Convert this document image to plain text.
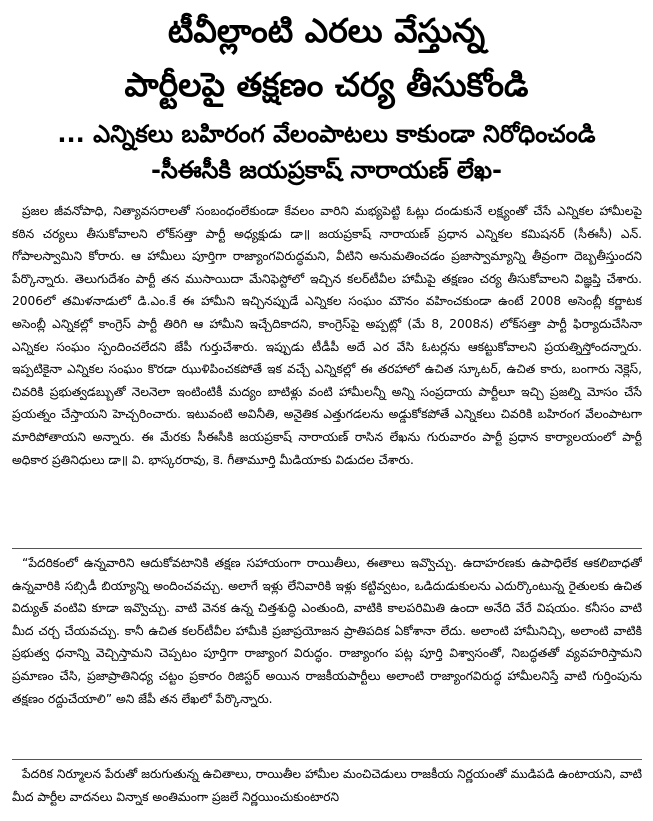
టీవీల్లాంటి ఎరలు వేస్తున్న
పార్టీలపై తక్షణం చర్య తీసుకోండి
... ఎన్నికలు బహిరంగ వేలంపాటలు కాకుండా నిరోధించండి
-సీఈసీకి జయప్రకాష్ నారాయణ్ లేఖ-

ప్రజల జీవనోపాధి, నిత్యావసరాలతో సంబంధంలేకుండా కేవలం వారిని మభ్యపెట్టి ఓట్లు దండుకునే లక్ష్యంతో చేసే ఎన్నికల హామీలపై కఠిన చర్యలు తీసుకోవాలని లోక్‌సత్తా పార్టీ అధ్యక్షుడు డా॥ జయప్రకాష్ నారాయణ్ ప్రధాన ఎన్నికల కమిషనర్ (సీఈసీ) ఎన్. గోపాలస్వామిని కోరారు. ఆ హామీలు పూర్తిగా రాజ్యాంగవిరుద్ధమని, వీటిని అనుమతించడం ప్రజాస్వామ్యాన్ని తీవ్రంగా దెబ్బతీస్తుందని పేర్కొన్నారు. తెలుగుదేశం పార్టీ తన ముసాయిదా మేనిఫెస్టోలో ఇచ్చిన కలర్‌టీవీల హామీపై తక్షణం చర్య తీసుకోవాలని విజ్ఞప్తి చేశారు. 2006లో తమిళనాడులో డి.ఎం.కే ఈ హామీని ఇచ్చినప్పుడే ఎన్నికల సంఘం మౌనం వహించకుండా ఉంటే 2008 అసెంబ్లీ కర్ణాటక అసెంబ్లీ ఎన్నికల్లో కాంగ్రెస్ పార్టీ తిరిగి ఆ హామీని ఇచ్చేదికాదని, కాంగ్రెస్‌పై అప్పట్లో (మే 8, 2008న) లోక్‌సత్తా పార్టీ ఫిర్యాదుచేసినా ఎన్నికల సంఘం స్పందించలేదని జేపీ గుర్తుచేశారు. ఇప్పుడు టీడీపీ అదే ఎర వేసి ఓటర్లను ఆకట్టుకోవాలని ప్రయత్నిస్తోందన్నారు. ఇప్పటికైనా ఎన్నికల సంఘం కొరడా ఝుళిపించకపోతే ఇక వచ్చే ఎన్నికల్లో ఈ తరహాలో ఉచిత స్కూటర్, ఉచిత కారు, బంగారు నెక్లెస్, చివరికి ప్రభుత్వడబ్బుతో నెలనెలా ఇంటింటికీ మద్యం బాటిళ్లు వంటి హామీలన్నీ అన్ని సంప్రదాయ పార్టీలూ ఇచ్చి ప్రజల్ని మోసం చేసే ప్రయత్నం చేస్తాయని హెచ్చరించారు. ఇటువంటి అవినీతి, అనైతిక ఎత్తుగడలను అడ్డుకోకపోతే ఎన్నికలు చివరికి బహిరంగ వేలంపాటగా మారిపోతాయని అన్నారు. ఈ మేరకు సీఈసీకి జయప్రకాష్ నారాయణ్ రాసిన లేఖను గురువారం పార్టీ ప్రధాన కార్యాలయంలో పార్టీ అధికార ప్రతినిధులు డా॥ వి. భాస్కరరావు, కె. గీతామూర్తి మీడియాకు విడుదల చేశారు.

“పేదరికంలో ఉన్నవారిని ఆదుకోవటానికి తక్షణ సహాయంగా రాయితీలు, ఈతాలు ఇవ్వొచ్చు. ఉదాహరణకు ఉపాధిలేక ఆకలిబాధతో ఉన్నవారికి సబ్సిడీ బియ్యాన్ని అందించవచ్చు. అలాగే ఇళ్లు లేనివారికి ఇళ్లు కట్టివ్వటం, ఒడిదుడుకులను ఎదుర్కొంటున్న రైతులకు ఉచిత విద్యుత్ వంటివి కూడా ఇవ్వొచ్చు. వాటి వెనక ఉన్న చిత్తశుద్ధి ఎంతుంది, వాటికి కాలపరిమితి ఉందా అనేది వేరే విషయం. కనీసం వాటి మీద చర్చ చేయవచ్చు. కానీ ఉచిత కలర్‌టీవీల హామీకి ప్రజాప్రయోజన ప్రాతిపదిక ఏకోశానా లేదు. అలాంటి హామీనిచ్చి, అలాంటి వాటికి ప్రభుత్వ ధనాన్ని వెచ్చిస్తామని చెప్పటం పూర్తిగా రాజ్యాంగ విరుద్ధం. రాజ్యాంగం పట్ల పూర్తి విశ్వాసంతో, నిబద్ధతతో వ్యవహరిస్తామని ప్రమాణం చేసి, ప్రజాప్రాతినిధ్య చట్టం ప్రకారం రిజిస్టర్ అయిన రాజకీయపార్టీలు అలాంటి రాజ్యాంగవిరుద్ధ హామీలనిస్తే వాటి గుర్తింపును తక్షణం రద్దుచేయాలి” అని జేపీ తన లేఖలో పేర్కొన్నారు.

పేదరిక నిర్మూలన పేరుతో జరుగుతున్న ఉచితాలు, రాయితీల హామీల మంచిచెడులు రాజకీయ నిర్ణయంతో ముడిపడి ఉంటాయని, వాటి మీద పార్టీల వాదనలు విన్నాక అంతిమంగా ప్రజలే నిర్ణయించుకుంటారని
